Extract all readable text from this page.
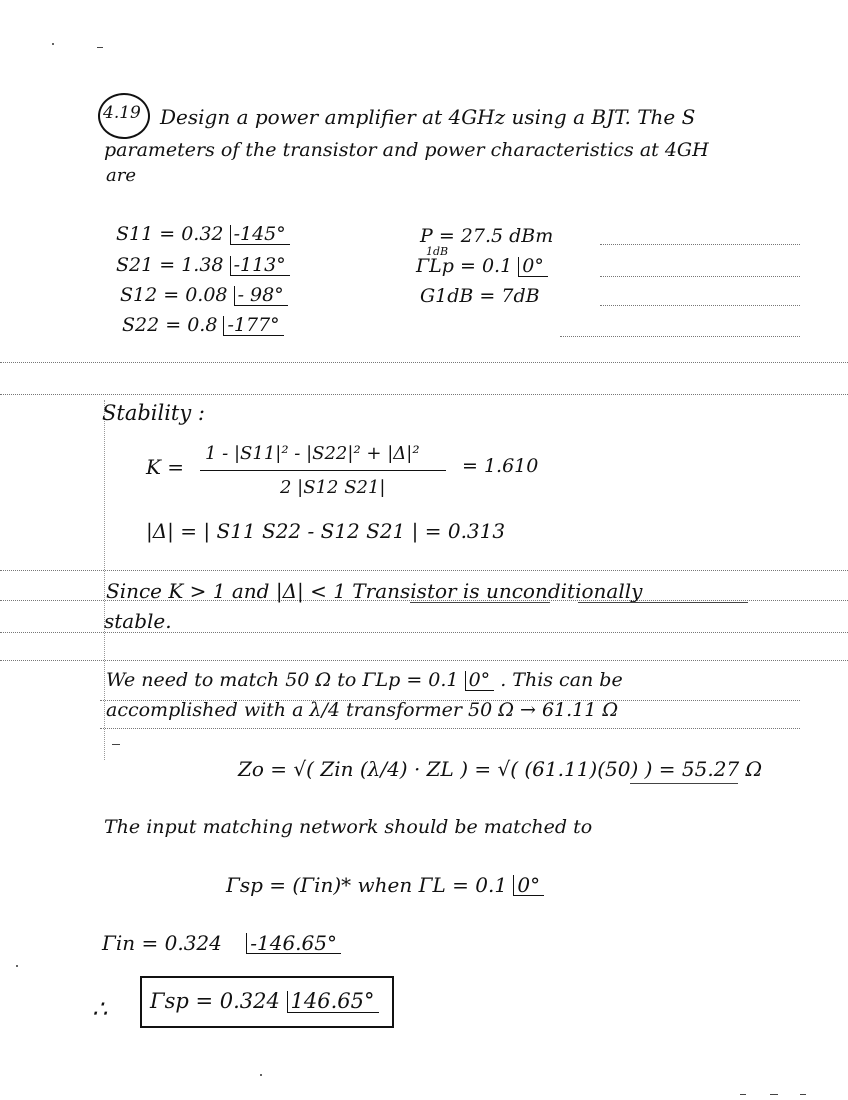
4.19 Design a power amplifier at 4GHz using a BJT. The S
parameters of the transistor and power characteristics at 4GH
are
S11 = 0.32 -145°
S21 = 1.38 -113°
S12 = 0.08 - 98°
S22 = 0.8 -177°
P = 27.5 dBm
1dB
ΓLp = 0.1 0°
G1dB = 7dB
Stability :
K =
1 - |S11|² - |S22|² + |Δ|²
2 |S12 S21|
= 1.610
|Δ| = | S11 S22 - S12 S21 | = 0.313
Since K > 1 and |Δ| < 1 Transistor is unconditionally
stable.
We need to match 50 Ω to ΓLp = 0.1 0° . This can be
accomplished with a λ/4 transformer 50 Ω → 61.11 Ω
Zo = √( Zin (λ/4) · ZL ) = √( (61.11)(50) ) = 55.27 Ω
The input matching network should be matched to
Γsp = (Γin)* when ΓL = 0.1 0°
Γin = 0.324 -146.65°
∴ Γsp = 0.324 146.65°
